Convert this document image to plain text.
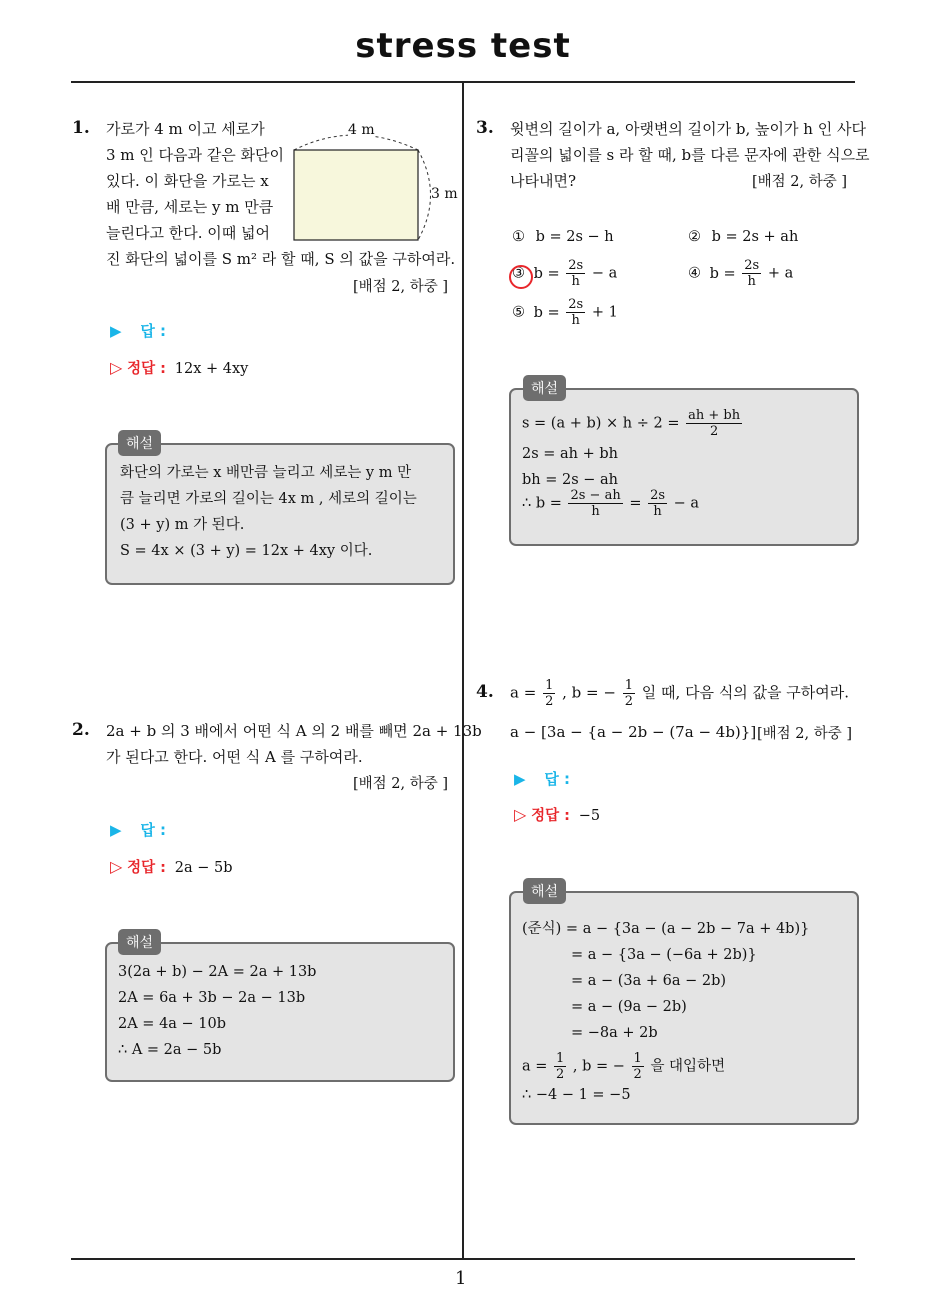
stress test
1
1. 가로가 4 m 이고 세로가
3 m 인 다음과 같은 화단이
있다. 이 화단을 가로는 x
배 만큼, 세로는 y m 만큼
늘린다고 한다. 이때 넓어
진 화단의 넓이를 S m² 라 할 때, S 의 값을 구하여라.
4 m
3 m
[배점 2, 하중 ]
▶ 답 :
▷ 정답 : 12x + 4xy
해설
화단의 가로는 x 배만큼 늘리고 세로는 y m 만
큼 늘리면 가로의 길이는 4x m , 세로의 길이는
(3 + y) m 가 된다.
S = 4x × (3 + y) = 12x + 4xy 이다.
2. 2a + b 의 3 배에서 어떤 식 A 의 2 배를 빼면 2a + 13b
가 된다고 한다. 어떤 식 A 를 구하여라.
[배점 2, 하중 ]
▶ 답 :
▷ 정답 : 2a − 5b
해설
3(2a + b) − 2A = 2a + 13b
2A = 6a + 3b − 2a − 13b
2A = 4a − 10b
∴ A = 2a − 5b
3. 윗변의 길이가 a, 아랫변의 길이가 b, 높이가 h 인 사다
리꼴의 넓이를 s 라 할 때, b를 다른 문자에 관한 식으로
나타내면?	[배점 2, 하중 ]
① b = 2s − h	② b = 2s + ah
③ $b = \frac{2s}{h} - a$	④ $b = \frac{2s}{h} + a$
⑤ $b = \frac{2s}{h} + 1$
해설
$s = (a + b) \times h \div 2 = \frac{ah + bh}{2}$
2s = ah + bh
bh = 2s − ah
∴ $b = \frac{2s - ah}{h} = \frac{2s}{h} - a$
4. $a = \frac{1}{2}$ , b = − $\frac{1}{2}$ 일 때, 다음 식의 값을 구하여라.
a − [3a − {a − 2b − (7a − 4b)}] [배점 2, 하중 ]
▶ 답 :
▷ 정답 : −5
해설
(준식) = a − {3a − (a − 2b − 7a + 4b)}
= a − {3a − (−6a + 2b)}
= a − (3a + 6a − 2b)
= a − (9a − 2b)
= −8a + 2b
$a = \frac{1}{2}$ , b = − $\frac{1}{2}$ 을 대입하면
∴ −4 − 1 = −5
